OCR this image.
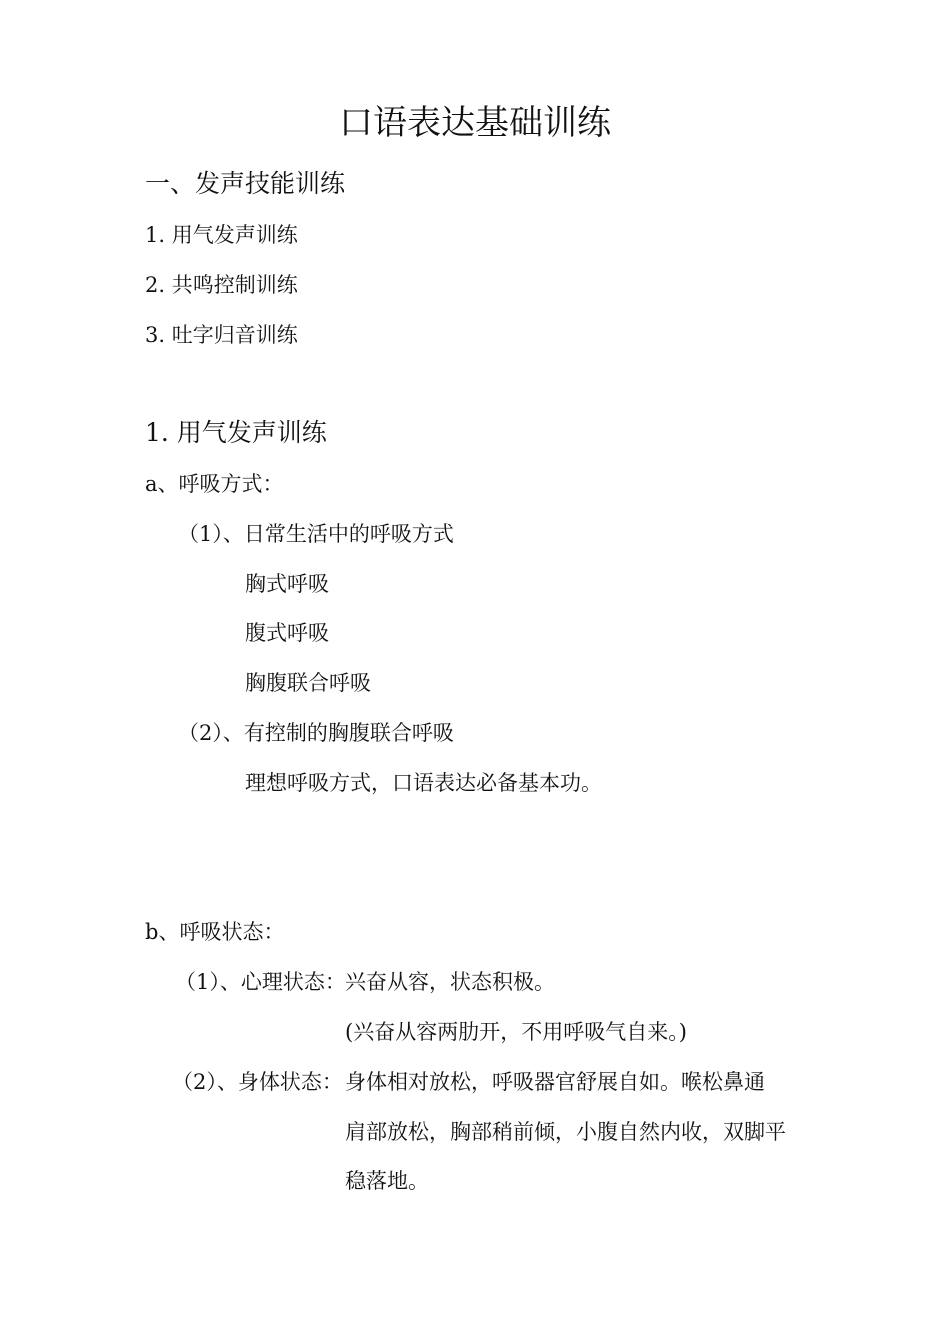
口语表达基础训练
一、发声技能训练
1. 用气发声训练
2. 共鸣控制训练
3. 吐字归音训练
1. 用气发声训练
a、呼吸方式：
（1）、日常生活中的呼吸方式
胸式呼吸
腹式呼吸
胸腹联合呼吸
（2）、有控制的胸腹联合呼吸
理想呼吸方式，口语表达必备基本功。
b、呼吸状态：
（1）、心理状态： 兴奋从容，状态积极。
(兴奋从容两肋开，不用呼吸气自来。)
（2）、身体状态： 身体相对放松，呼吸器官舒展自如。喉松鼻通
肩部放松，胸部稍前倾，小腹自然内收，双脚平
稳落地。
